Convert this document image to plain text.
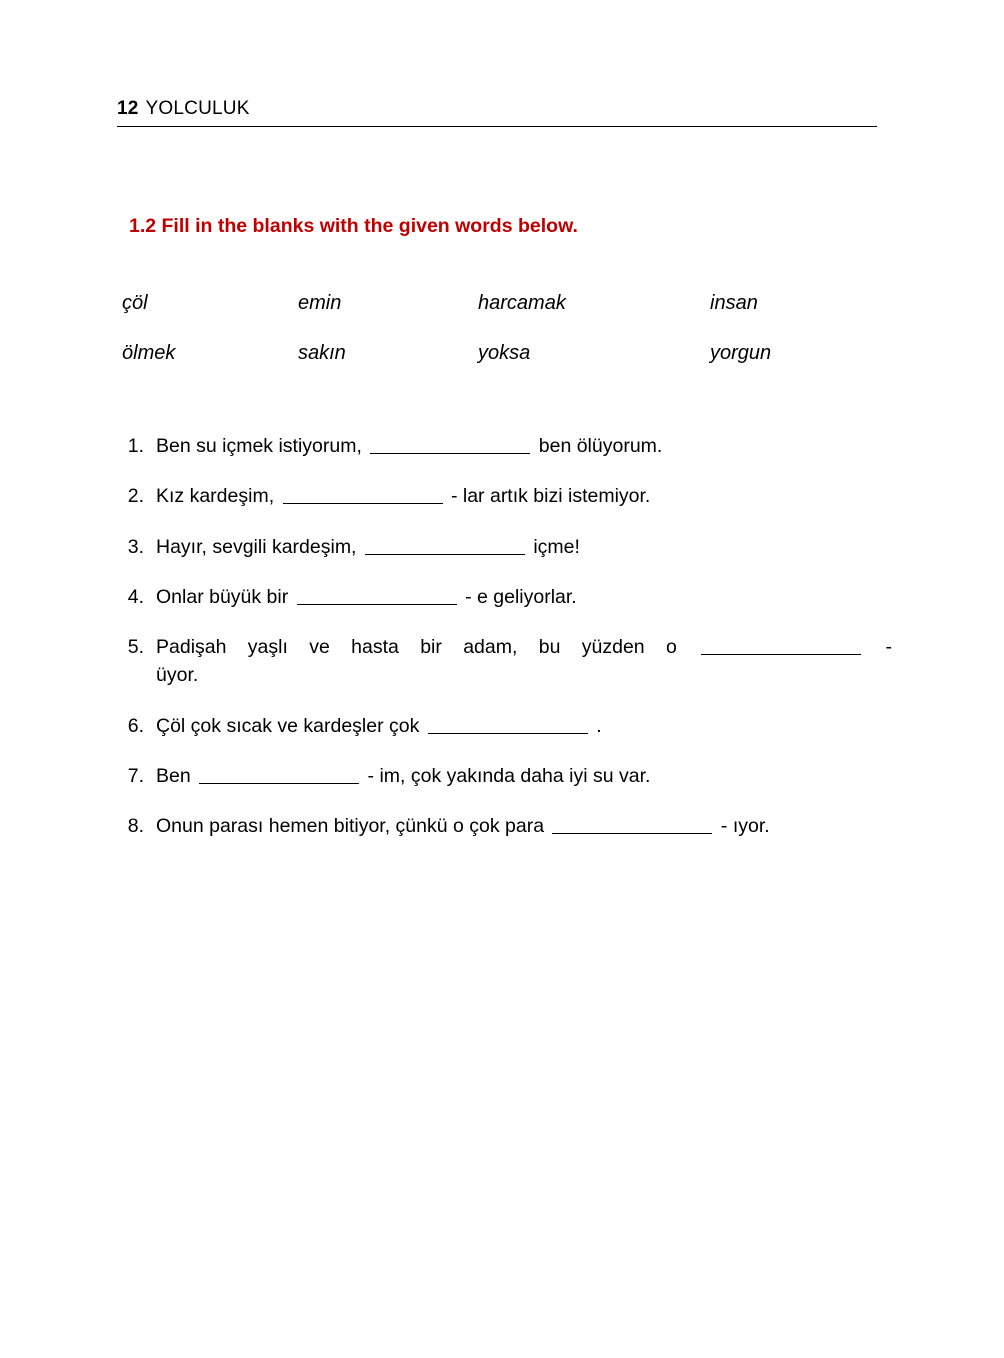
12 YOLCULUK
1.2 Fill in the blanks with the given words below.
çöl	emin	harcamak	insan
ölmek	sakın	yoksa	yorgun
1. Ben su içmek istiyorum,	ben ölüyorum.
2. Kız kardeşim,	- lar artık bizi istemiyor.
3. Hayır, sevgili kardeşim,	içme!
4. Onlar büyük bir	- e geliyorlar.
5. Padişah yaşlı ve hasta bir adam, bu yüzden o	-
üyor.
6. Çöl çok sıcak ve kardeşler çok	.
7. Ben	- im, çok yakında daha iyi su var.
8. Onun parası hemen bitiyor, çünkü o çok para	- ıyor.
